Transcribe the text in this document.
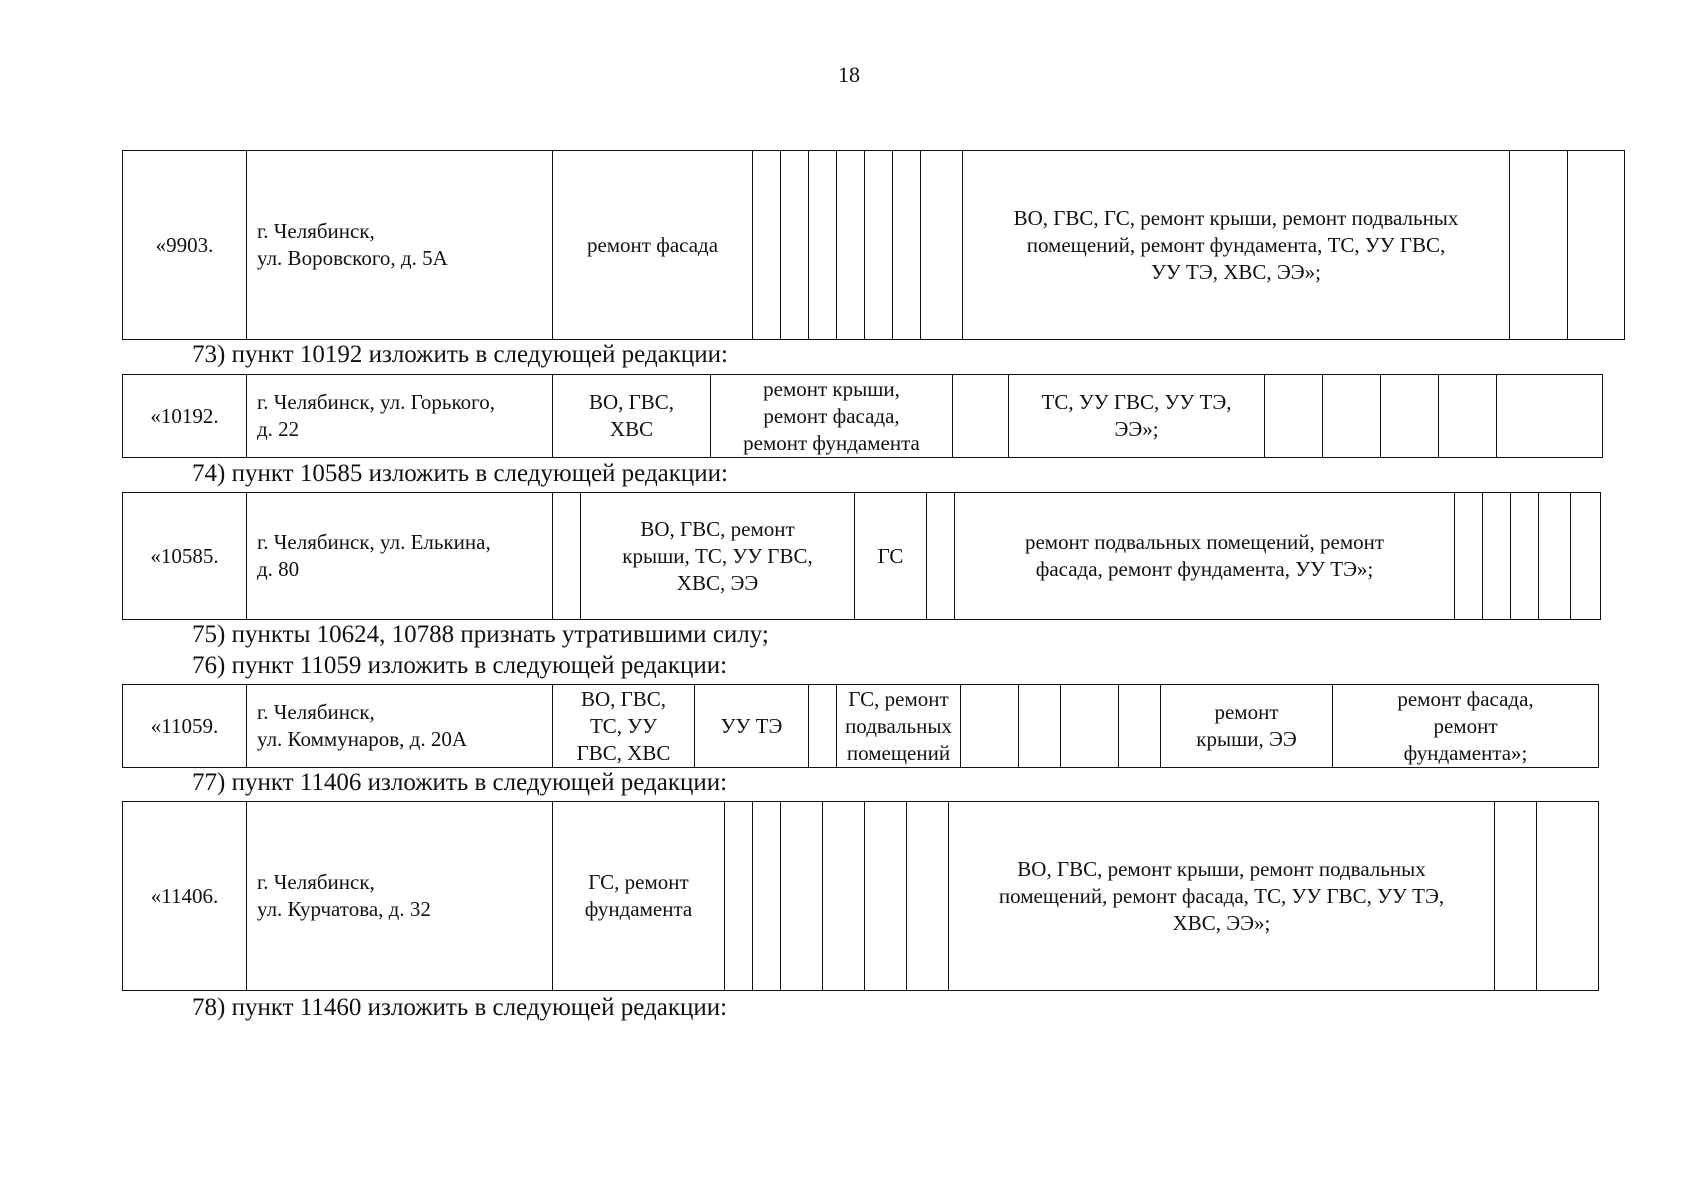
18
«9903.	г. Челябинск,
ул. Воровского, д. 5А	ремонт фасада								ВО, ГВС, ГС, ремонт крыши, ремонт подвальных
помещений, ремонт фундамента, ТС, УУ ГВС,
УУ ТЭ, ХВС, ЭЭ»;		
73) пункт 10192 изложить в следующей редакции:
«10192.	г. Челябинск, ул. Горького,
д. 22	ВО, ГВС,
ХВС	ремонт крыши,
ремонт фасада,
ремонт фундамента		ТС, УУ ГВС, УУ ТЭ,
ЭЭ»;					
74) пункт 10585 изложить в следующей редакции:
«10585.	г. Челябинск, ул. Елькина,
д. 80		ВО, ГВС, ремонт
крыши, ТС, УУ ГВС,
ХВС, ЭЭ	ГС		ремонт подвальных помещений, ремонт
фасада, ремонт фундамента, УУ ТЭ»;					
75) пункты 10624, 10788 признать утратившими силу;
76) пункт 11059 изложить в следующей редакции:
«11059.	г. Челябинск,
ул. Коммунаров, д. 20А	ВО, ГВС,
ТС, УУ
ГВС, ХВС	УУ ТЭ		ГС, ремонт
подвальных
помещений					ремонт
крыши, ЭЭ	ремонт фасада,
ремонт
фундамента»;
77) пункт 11406 изложить в следующей редакции:
«11406.	г. Челябинск,
ул. Курчатова, д. 32	ГС, ремонт
фундамента							ВО, ГВС, ремонт крыши, ремонт подвальных
помещений, ремонт фасада, ТС, УУ ГВС, УУ ТЭ,
ХВС, ЭЭ»;		
78) пункт 11460 изложить в следующей редакции:
